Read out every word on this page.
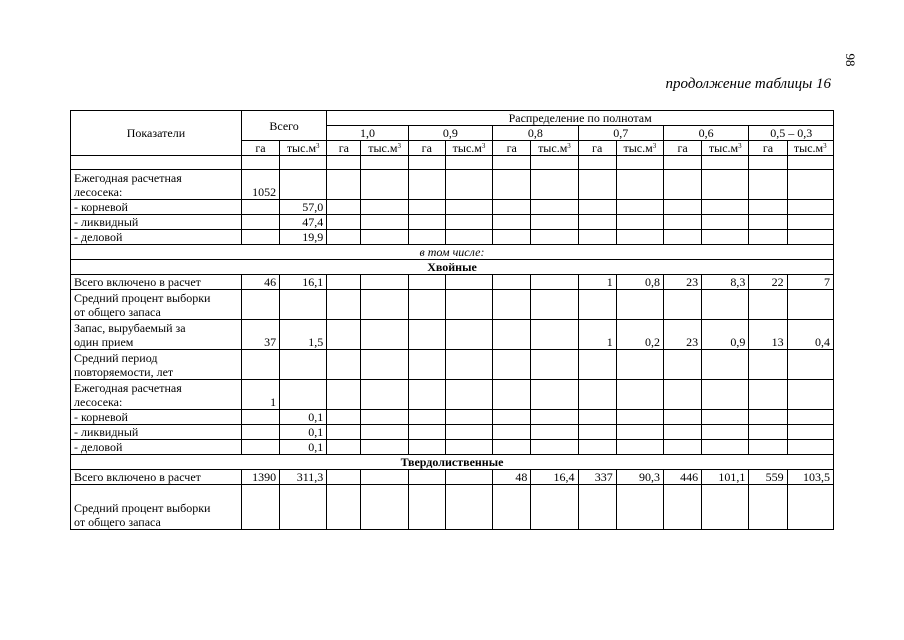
98
продолжение таблицы 16
Показатели	Всего		Распределение по полнотам											
			1,0		0,9		0,8		0,7		0,6		0,5 – 0,3	
	га	$тыс.м^3$	га	$тыс.м^3$	га	$тыс.м^3$	га	$тыс.м^3$	га	$тыс.м^3$	га	$тыс.м^3$	га	$тыс.м^3$

Ежегодная расчетная
лесосека:	1052													
- корневой		57,0												
- ликвидный		47,4												
- деловой		19,9												
в том числе:														
Хвойные														
Всего включено в расчет	46	16,1							1	0,8	23	8,3	22	7
Средний процент выборки
от общего запаса														
Запас, вырубаемый за
один прием	37	1,5							1	0,2	23	0,9	13	0,4
Средний период
повторяемости, лет														
Ежегодная расчетная
лесосека:	1													
- корневой		0,1												
- ликвидный		0,1												
- деловой		0,1												
Твердолиственные														
Всего включено в расчет	1390	311,3					48	16,4	337	90,3	446	101,1	559	103,5
Средний процент выборки
от общего запаса
